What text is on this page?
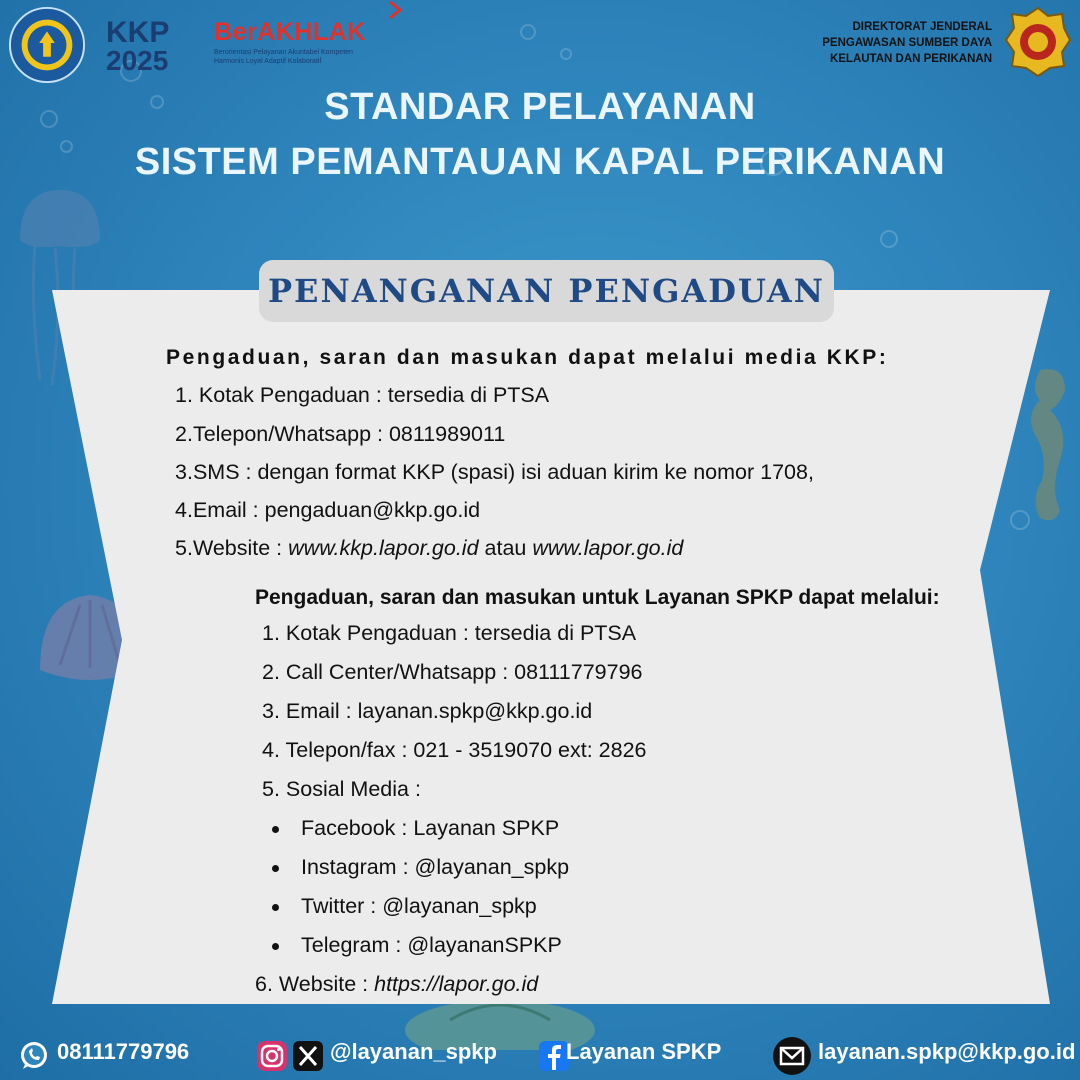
KKP
2025
BerAKHLAK
Berorientasi Pelayanan Akuntabel Kompeten
Harmonis Loyal Adaptif Kolaboratif
DIREKTORAT JENDERAL
PENGAWASAN SUMBER DAYA
KELAUTAN DAN PERIKANAN
STANDAR PELAYANAN
SISTEM PEMANTAUAN KAPAL PERIKANAN
PENANGANAN PENGADUAN
Pengaduan, saran dan masukan dapat melalui media KKP:
1. Kotak Pengaduan : tersedia di PTSA
2.Telepon/Whatsapp : 0811989011
3.SMS : dengan format KKP (spasi) isi aduan kirim ke nomor 1708,
4.Email : pengaduan@kkp.go.id
5.Website : www.kkp.lapor.go.id atau www.lapor.go.id
Pengaduan, saran dan masukan untuk Layanan SPKP dapat melalui:
1. Kotak Pengaduan : tersedia di PTSA
2. Call Center/Whatsapp : 08111779796
3. Email : layanan.spkp@kkp.go.id
4. Telepon/fax : 021 - 3519070 ext: 2826
5. Sosial Media :
Facebook : Layanan SPKP
Instagram : @layanan_spkp
Twitter : @layanan_spkp
Telegram : @layananSPKP
6. Website : https://lapor.go.id
08111779796	@layanan_spkp	Layanan SPKP	layanan.spkp@kkp.go.id
